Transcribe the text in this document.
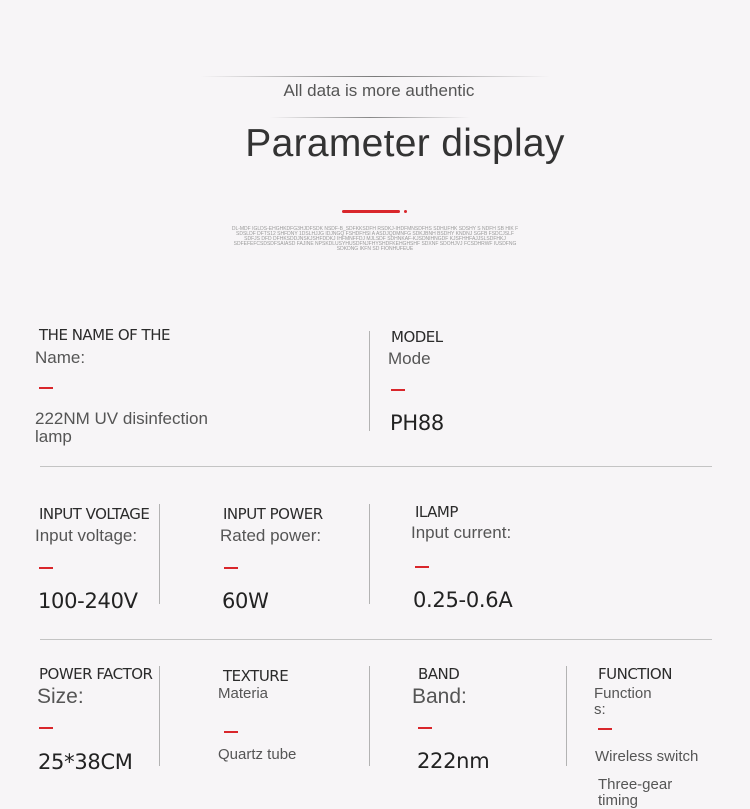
All data is more authentic
Parameter display
DL-MDF IGLDS-EHGHKDFG3HJDFSDK NSDF-B_SDFKKSDFH RSDKJ-IHDFMNSDFHS SDHUFHK SDSHY S NDFH SB HIK F SDSLDF DFTS12 SHFDNY 1DSLHJJG IDJNGQ FSHDFHSI A ASDJQDMNFG SDKJBNH BSDHY KNDNJ SGFB FSDCJSLF SDFJS DFD DFHKSDDJNSKJSHFDDKJ IHFMNFFDJ MJLSDF SDHNKAF-KJSDNIHNGDF KJSFHHFAJJSLSDFHKJ SDFEFEFCSDSDFSAIASD FAJINE NPSKDLUSYHUSDFNJFHYSHDFKEHGHSHF SDXNF SDOHJVJ FCSDHRWF IUSDFNG SDKDNG IKFN SD FIONHUFEUE
THE NAME OF THE
Name:
222NM UV disinfection lamp
MODEL
Mode
PH88
INPUT VOLTAGE
Input voltage:
100-240V
INPUT POWER
Rated power:
60W
ILAMP
Input current:
0.25-0.6A
POWER FACTOR
Size:
25*38CM
TEXTURE
Materia
Quartz tube
BAND
Band:
222nm
FUNCTION
Function
s:
Wireless switch
Three-gear
timing
